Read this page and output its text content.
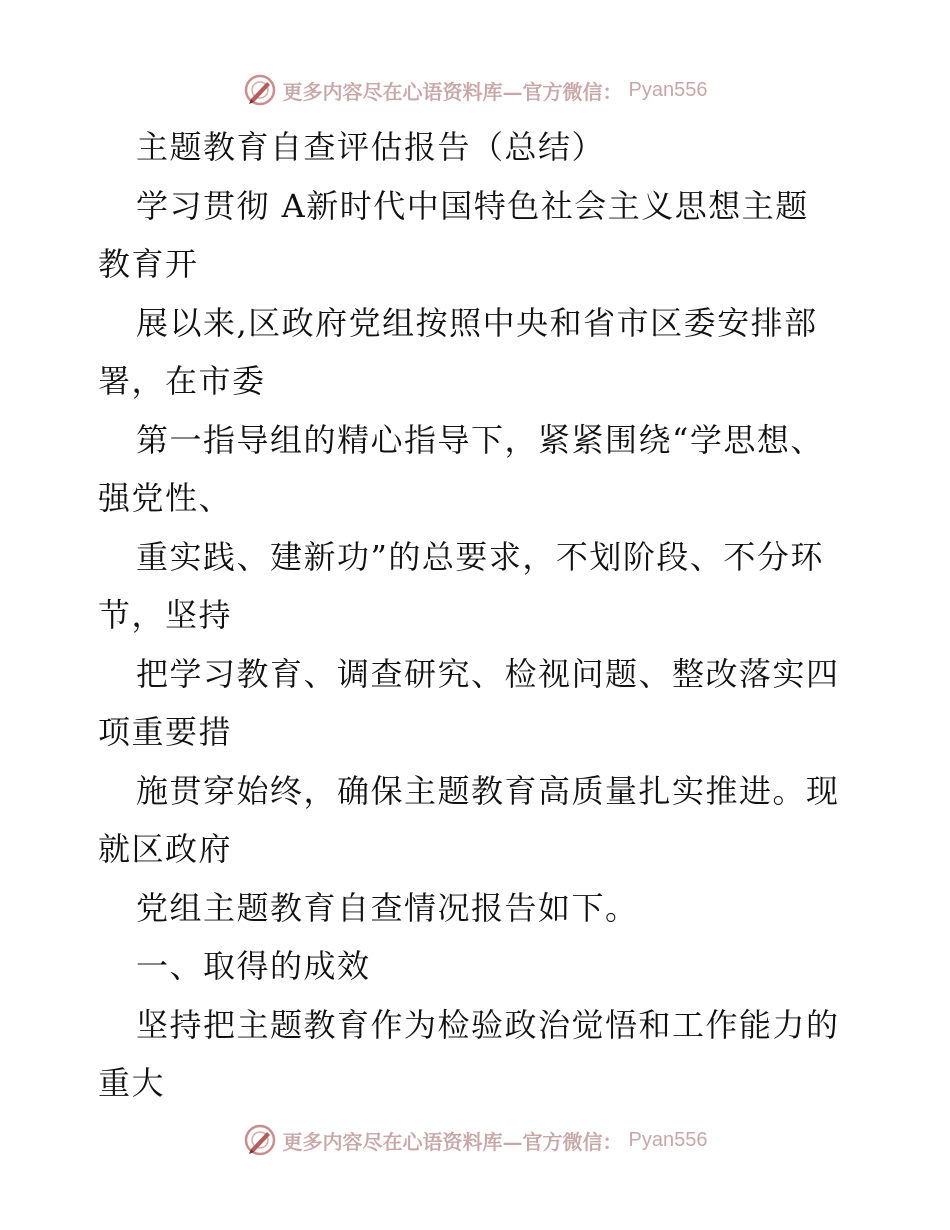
更多内容尽在心语资料库—官方微信： Pyan556
主题教育自查评估报告（总结）
学习贯彻 A新时代中国特色社会主义思想主题
教育开
展以来,区政府党组按照中央和省市区委安排部
署，在市委
第一指导组的精心指导下，紧紧围绕“学思想、
强党性、
重实践、建新功”的总要求，不划阶段、不分环
节，坚持
把学习教育、调查研究、检视问题、整改落实四
项重要措
施贯穿始终，确保主题教育高质量扎实推进。现
就区政府
党组主题教育自查情况报告如下。
一、取得的成效
坚持把主题教育作为检验政治觉悟和工作能力的
重大
更多内容尽在心语资料库—官方微信： Pyan556
